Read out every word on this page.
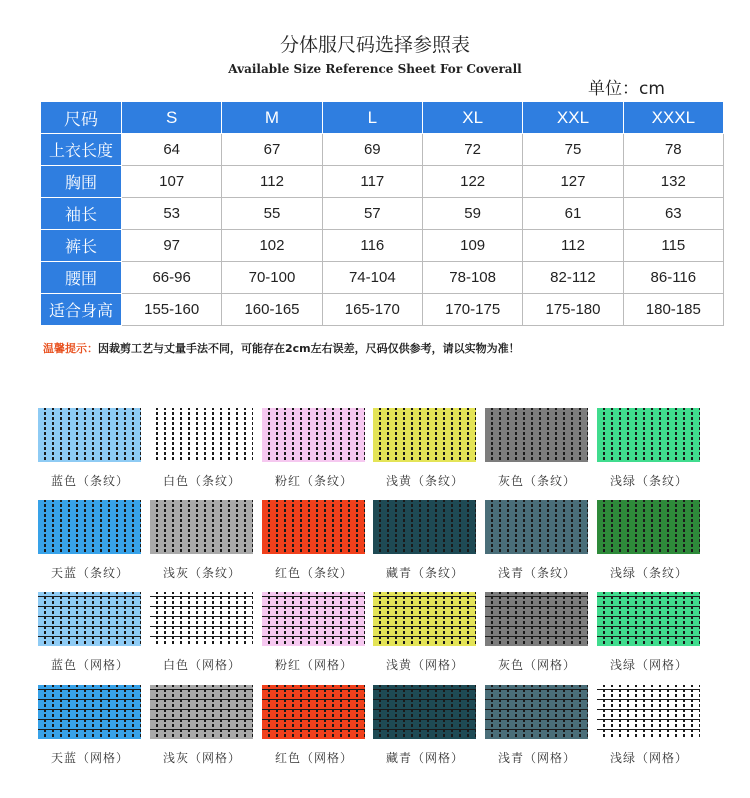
分体服尺码选择参照表
Available Size Reference Sheet For Coverall
单位：cm
尺码	S	M	L	XL	XXL	XXXL
上衣长度	64	67	69	72	75	78
胸围	107	112	117	122	127	132
袖长	53	55	57	59	61	63
裤长	97	102	116	109	112	115
腰围	66-96	70-100	74-104	78-108	82-112	86-116
适合身高	155-160	160-165	165-170	170-175	175-180	180-185
温馨提示：因裁剪工艺与丈量手法不同，可能存在2cm左右误差，尺码仅供参考，请以实物为准！
蓝色（条纹）	白色（条纹）	粉红（条纹）	浅黄（条纹）	灰色（条纹）	浅绿（条纹）
天蓝（条纹）	浅灰（条纹）	红色（条纹）	藏青（条纹）	浅青（条纹）	浅绿（条纹）
蓝色（网格）	白色（网格）	粉红（网格）	浅黄（网格）	灰色（网格）	浅绿（网格）
天蓝（网格）	浅灰（网格）	红色（网格）	藏青（网格）	浅青（网格）	浅绿（网格）
